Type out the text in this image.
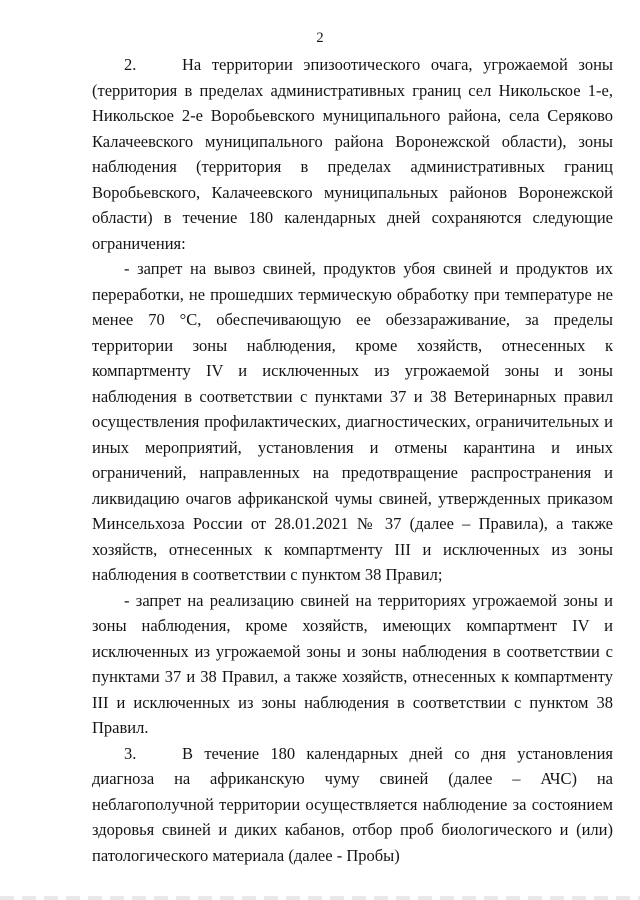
2

2.	На территории эпизоотического очага, угрожаемой зоны (территория в пределах административных границ сел Никольское 1-е, Никольское 2-е Воробьевского муниципального района, села Серяково Калачеевского муниципального района Воронежской области), зоны наблюдения (территория в пределах административных границ Воробьевского, Калачеевского муниципальных районов Воронежской области) в течение 180 календарных дней сохраняются следующие ограничения:

- запрет на вывоз свиней, продуктов убоя свиней и продуктов их переработки, не прошедших термическую обработку при температуре не менее 70 °С, обеспечивающую ее обеззараживание, за пределы территории зоны наблюдения, кроме хозяйств, отнесенных к компартменту IV и исключенных из угрожаемой зоны и зоны наблюдения в соответствии с пунктами 37 и 38 Ветеринарных правил осуществления профилактических, диагностических, ограничительных и иных мероприятий, установления и отмены карантина и иных ограничений, направленных на предотвращение распространения и ликвидацию очагов африканской чумы свиней, утвержденных приказом Минсельхоза России от 28.01.2021 № 37 (далее – Правила), а также хозяйств, отнесенных к компартменту III и исключенных из зоны наблюдения в соответствии с пунктом 38 Правил;

- запрет на реализацию свиней на территориях угрожаемой зоны и зоны наблюдения, кроме хозяйств, имеющих компартмент IV и исключенных из угрожаемой зоны и зоны наблюдения в соответствии с пунктами 37 и 38 Правил, а также хозяйств, отнесенных к компартменту III и исключенных из зоны наблюдения в соответствии с пунктом 38 Правил.

3.	В течение 180 календарных дней со дня установления диагноза на африканскую чуму свиней (далее – АЧС) на неблагополучной территории осуществляется наблюдение за состоянием здоровья свиней и диких кабанов, отбор проб биологического и (или) патологического материала (далее - Пробы)
